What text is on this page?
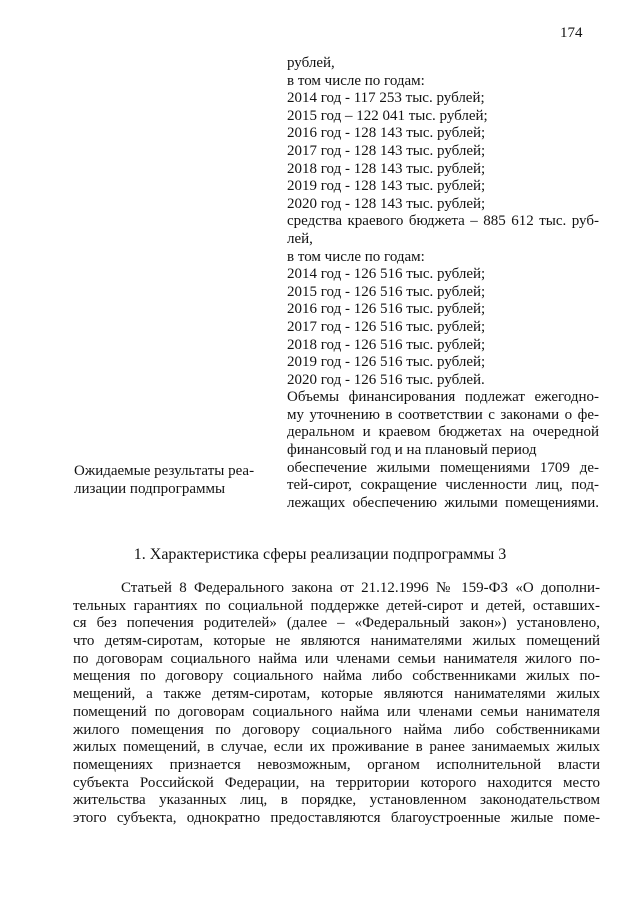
174
рублей,
в том числе по годам:
2014 год - 117 253 тыс. рублей;
2015 год – 122 041 тыс. рублей;
2016 год - 128 143 тыс. рублей;
2017 год - 128 143 тыс. рублей;
2018 год - 128 143 тыс. рублей;
2019 год - 128 143 тыс. рублей;
2020 год - 128 143 тыс. рублей;
средства краевого бюджета – 885 612 тыс. руб-
лей,
в том числе по годам:
2014 год - 126 516 тыс. рублей;
2015 год - 126 516 тыс. рублей;
2016 год - 126 516 тыс. рублей;
2017 год - 126 516 тыс. рублей;
2018 год - 126 516 тыс. рублей;
2019 год - 126 516 тыс. рублей;
2020 год - 126 516 тыс. рублей.
Объемы финансирования подлежат ежегодно-
му уточнению в соответствии с законами о фе-
деральном и краевом бюджетах на очередной
финансовый год и на плановый период
обеспечение жилыми помещениями 1709 де-
тей-сирот, сокращение численности лиц, под-
лежащих обеспечению жилыми помещениями.
Ожидаемые результаты реа-
лизации подпрограммы
1. Характеристика сферы реализации подпрограммы 3
Статьей 8 Федерального закона от 21.12.1996 № 159-ФЗ «О дополни-
тельных гарантиях по социальной поддержке детей-сирот и детей, оставших-
ся без попечения родителей» (далее – «Федеральный закон») установлено,
что детям-сиротам, которые не являются нанимателями жилых помещений
по договорам социального найма или членами семьи нанимателя жилого по-
мещения по договору социального найма либо собственниками жилых по-
мещений, а также детям-сиротам, которые являются нанимателями жилых
помещений по договорам социального найма или членами семьи нанимателя
жилого помещения по договору социального найма либо собственниками
жилых помещений, в случае, если их проживание в ранее занимаемых жилых
помещениях признается невозможным, органом исполнительной власти
субъекта Российской Федерации, на территории которого находится место
жительства указанных лиц, в порядке, установленном законодательством
этого субъекта, однократно предоставляются благоустроенные жилые поме-
